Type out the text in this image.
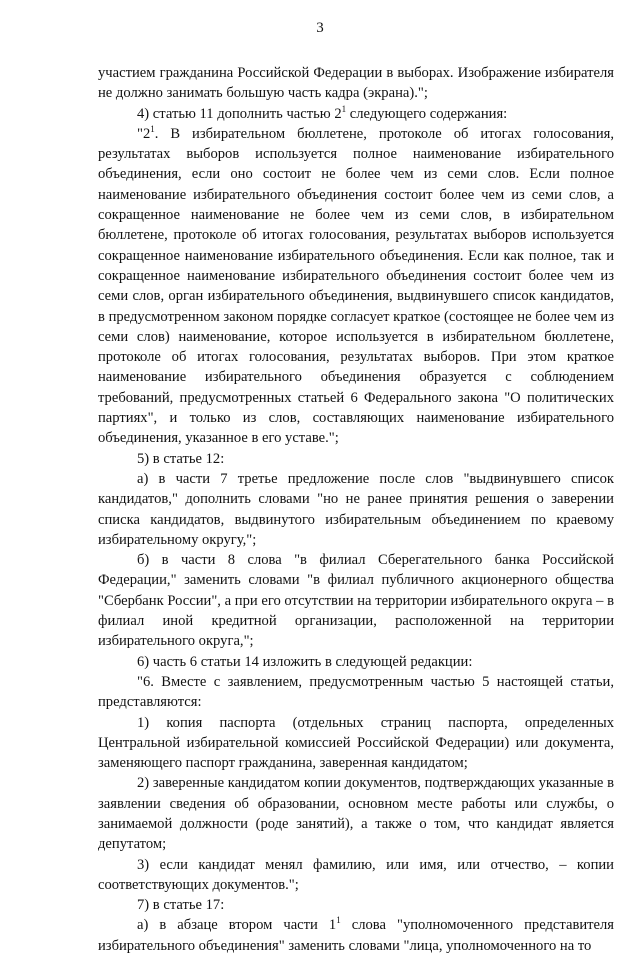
3

участием гражданина Российской Федерации в выборах. Изображение избирателя не должно занимать большую часть кадра (экрана).";

4) статью 11 дополнить частью $2^1$ следующего содержания:

"$2^1$. В избирательном бюллетене, протоколе об итогах голосования, результатах выборов используется полное наименование избирательного объединения, если оно состоит не более чем из семи слов. Если полное наименование избирательного объединения состоит более чем из семи слов, а сокращенное наименование не более чем из семи слов, в избирательном бюллетене, протоколе об итогах голосования, результатах выборов используется сокращенное наименование избирательного объединения. Если как полное, так и сокращенное наименование избирательного объединения состоит более чем из семи слов, орган избирательного объединения, выдвинувшего список кандидатов, в предусмотренном законом порядке согласует краткое (состоящее не более чем из семи слов) наименование, которое используется в избирательном бюллетене, протоколе об итогах голосования, результатах выборов. При этом краткое наименование избирательного объединения образуется с соблюдением требований, предусмотренных статьей 6 Федерального закона "О политических партиях", и только из слов, составляющих наименование избирательного объединения, указанное в его уставе.";

5) в статье 12:

а) в части 7 третье предложение после слов "выдвинувшего список кандидатов," дополнить словами "но не ранее принятия решения о заверении списка кандидатов, выдвинутого избирательным объединением по краевому избирательному округу,";

б) в части 8 слова "в филиал Сберегательного банка Российской Федерации," заменить словами "в филиал публичного акционерного общества "Сбербанк России", а при его отсутствии на территории избирательного округа – в филиал иной кредитной организации, расположенной на территории избирательного округа,";

6) часть 6 статьи 14 изложить в следующей редакции:

"6. Вместе с заявлением, предусмотренным частью 5 настоящей статьи, представляются:

1) копия паспорта (отдельных страниц паспорта, определенных Центральной избирательной комиссией Российской Федерации) или документа, заменяющего паспорт гражданина, заверенная кандидатом;

2) заверенные кандидатом копии документов, подтверждающих указанные в заявлении сведения об образовании, основном месте работы или службы, о занимаемой должности (роде занятий), а также о том, что кандидат является депутатом;

3) если кандидат менял фамилию, или имя, или отчество, – копии соответствующих документов.";

7) в статье 17:

а) в абзаце втором части $1^1$ слова "уполномоченного представителя избирательного объединения" заменить словами "лица, уполномоченного на то
